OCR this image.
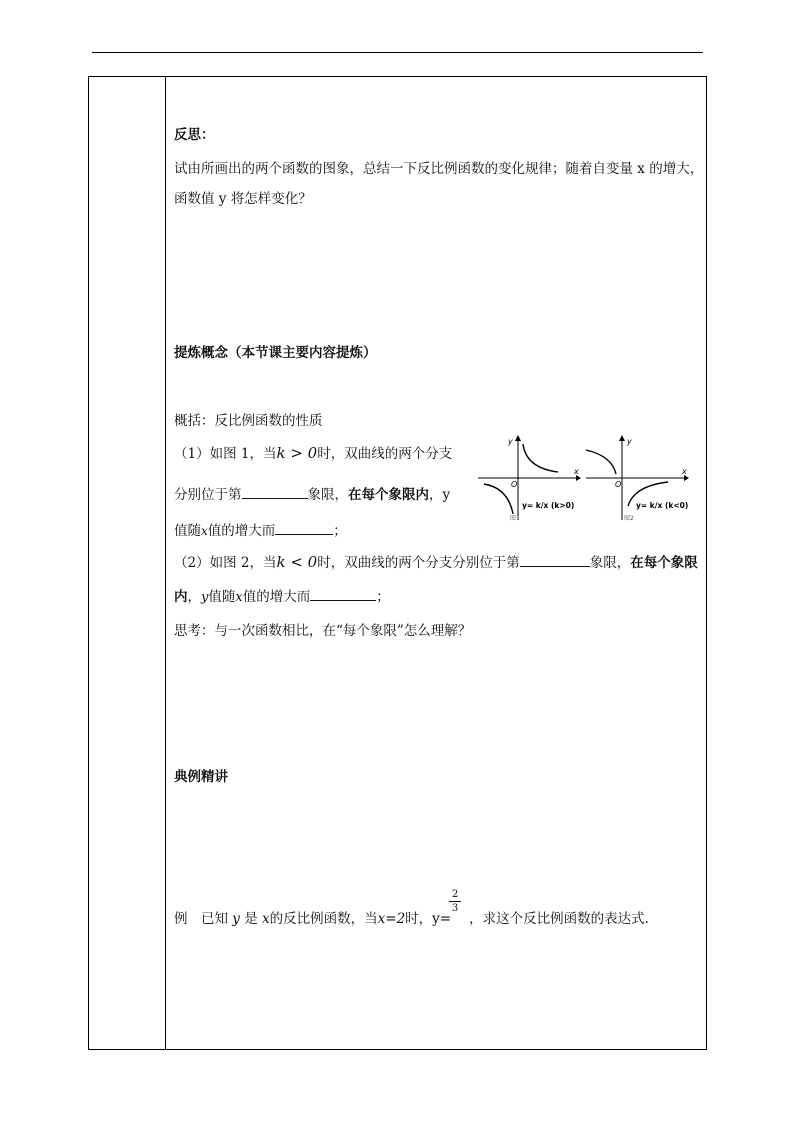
反思：
试由所画出的两个函数的图象，总结一下反比例函数的变化规律；随着自变量 x 的增大，
函数值 y 将怎样变化？
提炼概念（本节课主要内容提炼）
概括：反比例函数的性质
（1）如图 1，当k > 0时，双曲线的两个分支
分别位于第	象限，在每个象限内，y
值随x值的增大而	；
（2）如图 2，当k < 0时，双曲线的两个分支分别位于第	象限，在每个象限
内，y值随x值的增大而	；
思考：与一次函数相比，在“每个象限”怎么理解？
y
x
O
y= k/x (k>0)
图1
y
x
O
y= k/x (k<0)
图2
典例精讲
例　已知 y 是 x的反比例函数，当x=2时，y= ，求这个反比例函数的表达式.
2
3
